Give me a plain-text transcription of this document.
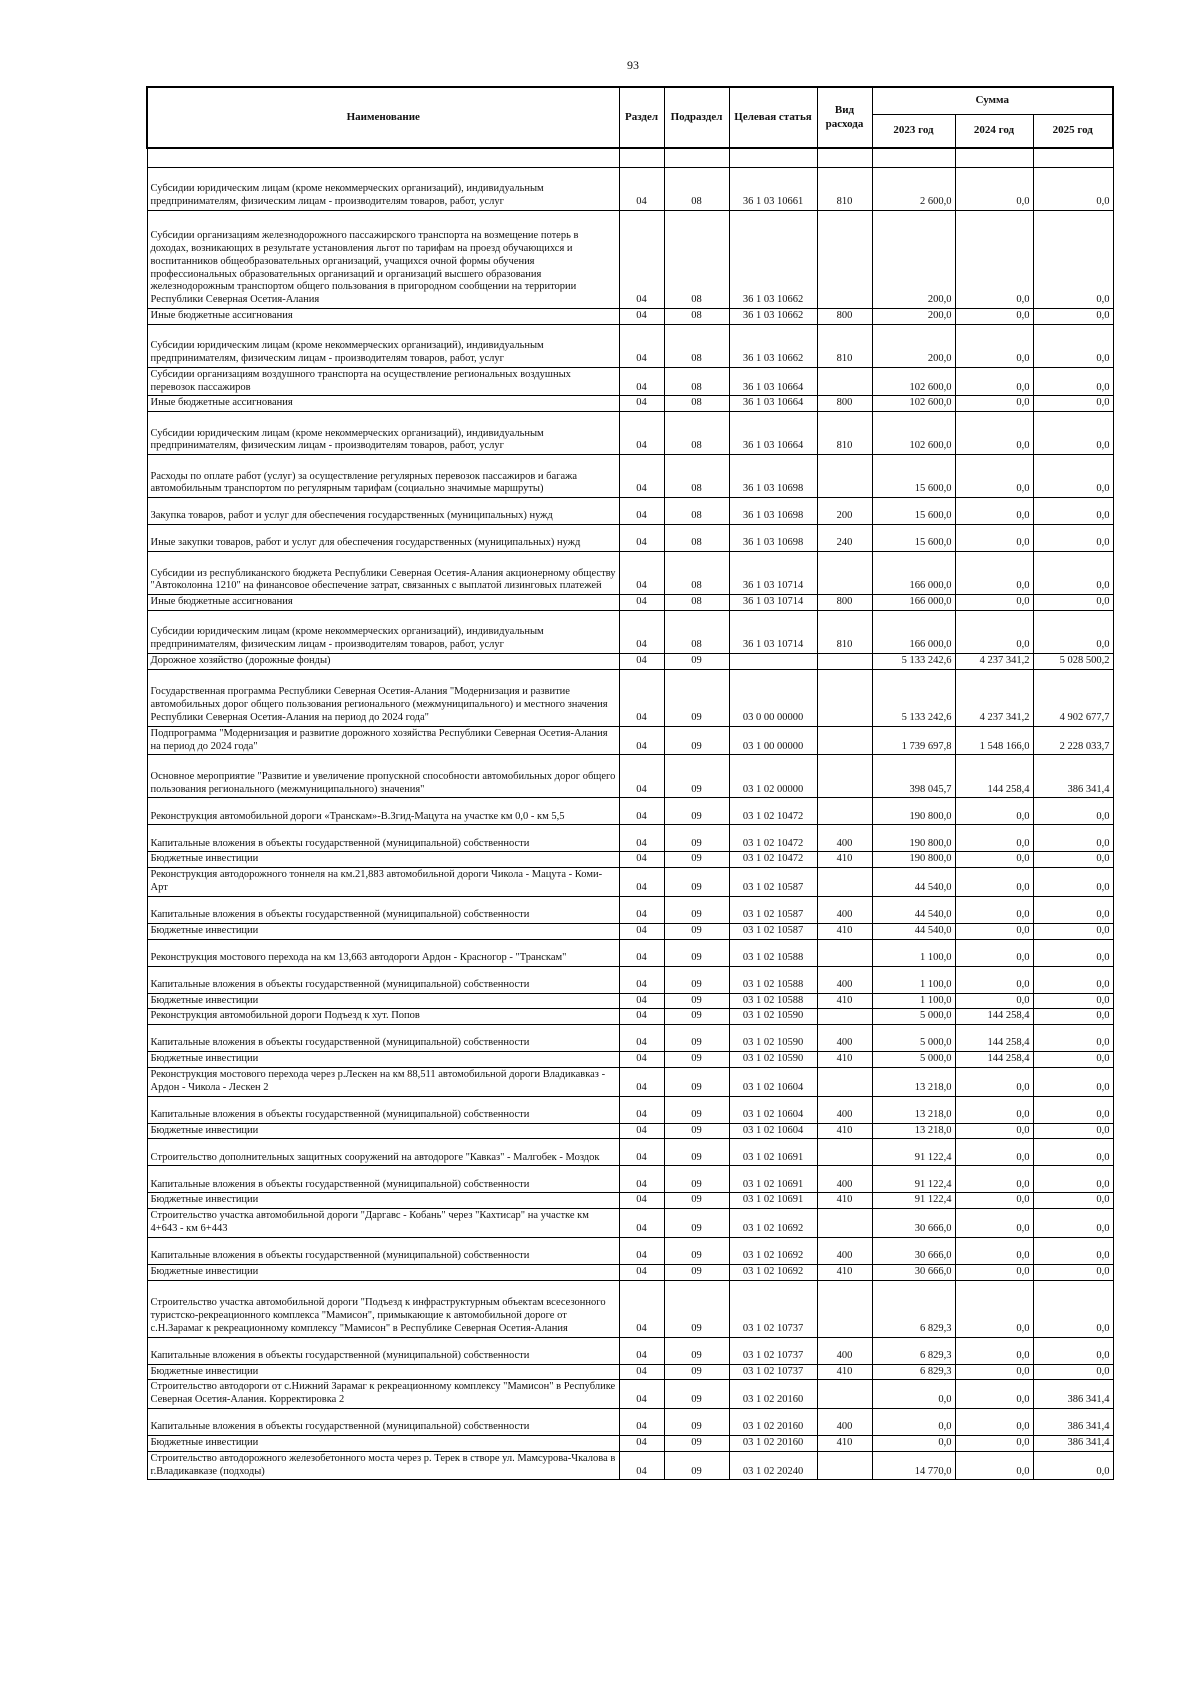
93
Наименование	Раздел	Подраздел	Целевая статья	Вид расхода	Сумма		
					2023 год	2024 год	2025 год

Субсидии юридическим лицам (кроме некоммерческих организаций), индивидуальным предпринимателям, физическим лицам - производителям товаров, работ, услуг	04	08	36 1 03 10661	810	2 600,0	0,0	0,0
Субсидии организациям железнодорожного пассажирского транспорта на возмещение потерь в доходах, возникающих в результате установления льгот по тарифам на проезд обучающихся и воспитанников общеобразовательных организаций, учащихся очной формы обучения профессиональных образовательных организаций и организаций высшего образования железнодорожным транспортом общего пользования в пригородном сообщении на территории Республики Северная Осетия-Алания	04	08	36 1 03 10662		200,0	0,0	0,0
Иные бюджетные ассигнования	04	08	36 1 03 10662	800	200,0	0,0	0,0
Субсидии юридическим лицам (кроме некоммерческих организаций), индивидуальным предпринимателям, физическим лицам - производителям товаров, работ, услуг	04	08	36 1 03 10662	810	200,0	0,0	0,0
Субсидии организациям воздушного транспорта на осуществление региональных воздушных перевозок пассажиров	04	08	36 1 03 10664		102 600,0	0,0	0,0
Иные бюджетные ассигнования	04	08	36 1 03 10664	800	102 600,0	0,0	0,0
Субсидии юридическим лицам (кроме некоммерческих организаций), индивидуальным предпринимателям, физическим лицам - производителям товаров, работ, услуг	04	08	36 1 03 10664	810	102 600,0	0,0	0,0
Расходы по оплате работ (услуг) за осуществление регулярных перевозок пассажиров и багажа автомобильным транспортом по регулярным тарифам (социально значимые маршруты)	04	08	36 1 03 10698		15 600,0	0,0	0,0
Закупка товаров, работ и услуг для обеспечения государственных (муниципальных) нужд	04	08	36 1 03 10698	200	15 600,0	0,0	0,0
Иные закупки товаров, работ и услуг для обеспечения государственных (муниципальных) нужд	04	08	36 1 03 10698	240	15 600,0	0,0	0,0
Субсидии из республиканского бюджета Республики Северная Осетия-Алания акционерному обществу "Автоколонна 1210" на финансовое обеспечение затрат, связанных с выплатой лизинговых платежей	04	08	36 1 03 10714		166 000,0	0,0	0,0
Иные бюджетные ассигнования	04	08	36 1 03 10714	800	166 000,0	0,0	0,0
Субсидии юридическим лицам (кроме некоммерческих организаций), индивидуальным предпринимателям, физическим лицам - производителям товаров, работ, услуг	04	08	36 1 03 10714	810	166 000,0	0,0	0,0
Дорожное хозяйство (дорожные фонды)	04	09			5 133 242,6	4 237 341,2	5 028 500,2
Государственная программа Республики Северная Осетия-Алания "Модернизация и развитие автомобильных дорог общего пользования регионального (межмуниципального) и местного значения Республики Северная Осетия-Алания на период до 2024 года"	04	09	03 0 00 00000		5 133 242,6	4 237 341,2	4 902 677,7
Подпрограмма "Модернизация и развитие дорожного хозяйства Республики Северная Осетия-Алания на период до 2024 года"	04	09	03 1 00 00000		1 739 697,8	1 548 166,0	2 228 033,7
Основное мероприятие "Развитие и увеличение пропускной способности автомобильных дорог общего пользования регионального (межмуниципального) значения"	04	09	03 1 02 00000		398 045,7	144 258,4	386 341,4
Реконструкция автомобильной дороги «Транскам»-В.Згид-Мацута на участке км 0,0 - км 5,5	04	09	03 1 02 10472		190 800,0	0,0	0,0
Капитальные вложения в объекты государственной (муниципальной) собственности	04	09	03 1 02 10472	400	190 800,0	0,0	0,0
Бюджетные инвестиции	04	09	03 1 02 10472	410	190 800,0	0,0	0,0
Реконструкция автодорожного тоннеля на км.21,883 автомобильной дороги Чикола - Мацута - Коми-Арт	04	09	03 1 02 10587		44 540,0	0,0	0,0
Капитальные вложения в объекты государственной (муниципальной) собственности	04	09	03 1 02 10587	400	44 540,0	0,0	0,0
Бюджетные инвестиции	04	09	03 1 02 10587	410	44 540,0	0,0	0,0
Реконструкция мостового перехода на км 13,663 автодороги Ардон - Красногор - "Транскам"	04	09	03 1 02 10588		1 100,0	0,0	0,0
Капитальные вложения в объекты государственной (муниципальной) собственности	04	09	03 1 02 10588	400	1 100,0	0,0	0,0
Бюджетные инвестиции	04	09	03 1 02 10588	410	1 100,0	0,0	0,0
Реконструкция автомобильной дороги Подъезд к хут. Попов	04	09	03 1 02 10590		5 000,0	144 258,4	0,0
Капитальные вложения в объекты государственной (муниципальной) собственности	04	09	03 1 02 10590	400	5 000,0	144 258,4	0,0
Бюджетные инвестиции	04	09	03 1 02 10590	410	5 000,0	144 258,4	0,0
Реконструкция мостового перехода через р.Лескен на км 88,511 автомобильной дороги Владикавказ - Ардон - Чикола - Лескен 2	04	09	03 1 02 10604		13 218,0	0,0	0,0
Капитальные вложения в объекты государственной (муниципальной) собственности	04	09	03 1 02 10604	400	13 218,0	0,0	0,0
Бюджетные инвестиции	04	09	03 1 02 10604	410	13 218,0	0,0	0,0
Строительство дополнительных защитных сооружений на автодороге "Кавказ" - Малгобек - Моздок	04	09	03 1 02 10691		91 122,4	0,0	0,0
Капитальные вложения в объекты государственной (муниципальной) собственности	04	09	03 1 02 10691	400	91 122,4	0,0	0,0
Бюджетные инвестиции	04	09	03 1 02 10691	410	91 122,4	0,0	0,0
Строительство участка автомобильной дороги "Даргавс - Кобань" через "Кахтисар" на участке км 4+643 - км 6+443	04	09	03 1 02 10692		30 666,0	0,0	0,0
Капитальные вложения в объекты государственной (муниципальной) собственности	04	09	03 1 02 10692	400	30 666,0	0,0	0,0
Бюджетные инвестиции	04	09	03 1 02 10692	410	30 666,0	0,0	0,0
Строительство участка автомобильной дороги "Подъезд к инфраструктурным объектам всесезонного туристско-рекреационного комплекса "Мамисон", примыкающие к автомобильной дороге от с.Н.Зарамаг к рекреационному комплексу "Мамисон" в Республике Северная Осетия-Алания	04	09	03 1 02 10737		6 829,3	0,0	0,0
Капитальные вложения в объекты государственной (муниципальной) собственности	04	09	03 1 02 10737	400	6 829,3	0,0	0,0
Бюджетные инвестиции	04	09	03 1 02 10737	410	6 829,3	0,0	0,0
Строительство автодороги от с.Нижний Зарамаг к рекреационному комплексу "Мамисон" в Республике Северная Осетия-Алания. Корректировка 2	04	09	03 1 02 20160		0,0	0,0	386 341,4
Капитальные вложения в объекты государственной (муниципальной) собственности	04	09	03 1 02 20160	400	0,0	0,0	386 341,4
Бюджетные инвестиции	04	09	03 1 02 20160	410	0,0	0,0	386 341,4
Строительство автодорожного железобетонного моста через р. Терек в створе ул. Мамсурова-Чкалова в г.Владикавказе (подходы)	04	09	03 1 02 20240		14 770,0	0,0	0,0
